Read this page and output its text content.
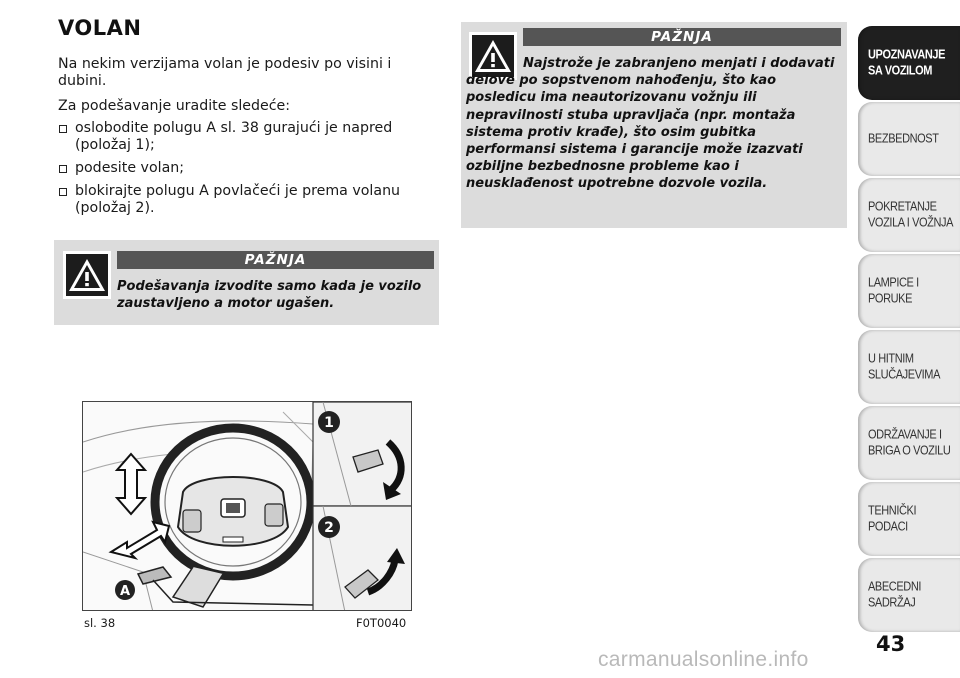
VOLAN

Na nekim verzijama volan je podesiv po visini i dubini.

Za podešavanje uradite sledeće:

oslobodite polugu A sl. 38 gurajući je napred (položaj 1);
podesite volan;
blokirajte polugu A povlačeći je prema volanu (položaj 2).
PAŽNJA
Podešavanja izvodite samo kada je vozilo zaustavljeno a motor ugašen.
PAŽNJA
Najstrože je zabranjeno menjati i dodavati delove po sopstvenom nahođenju, što kao posledicu ima neautorizovanu vožnju ili nepravilnosti stuba upravljača (npr. montaža sistema protiv krađe), što osim gubitka performansi sistema i garancije može izazvati ozbiljne bezbednosne probleme kao i neusklađenost upotrebne dozvole vozila.
1
2
A
sl. 38	F0T0040
UPOZNAVANJE SA VOZILOM
BEZBEDNOST
POKRETANJE VOZILA I VOŽNJA
LAMPICE I PORUKE
U HITNIM SLUČAJEVIMA
ODRŽAVANJE I BRIGA O VOZILU
TEHNIČKI PODACI
ABECEDNI SADRŽAJ
43
carmanualsonline.info
